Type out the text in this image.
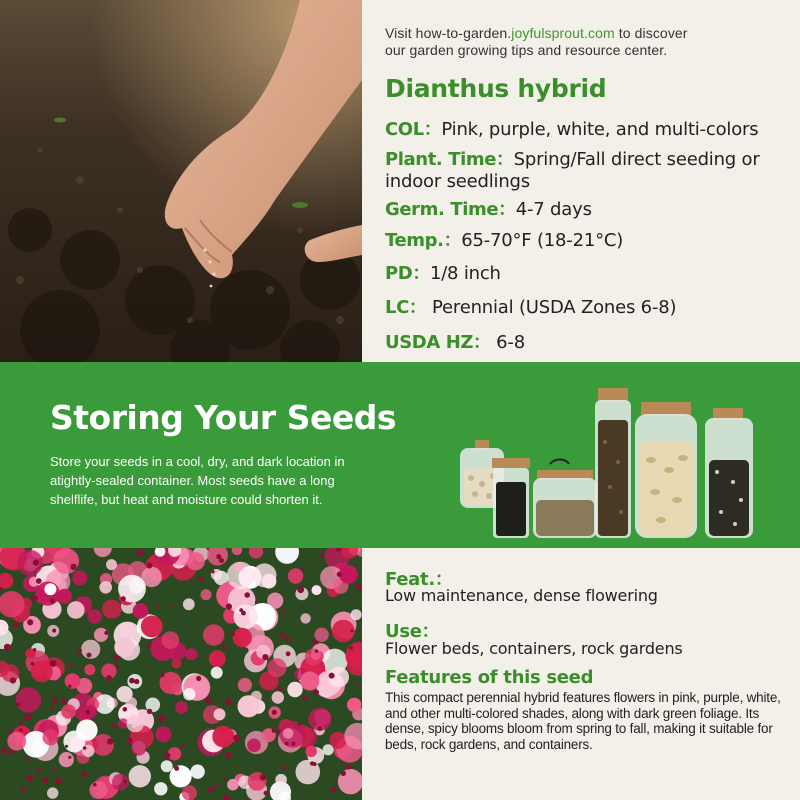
Visit how-to-garden.joyfulsprout.com to discover
our garden growing tips and resource center.
Dianthus hybrid
COL：Pink, purple, white, and multi-colors
Plant. Time：Spring/Fall direct seeding or indoor seedlings
Germ. Time：4-7 days
Temp.：65-70°F (18-21°C)
PD：1/8 inch
LC： Perennial (USDA Zones 6-8)
USDA HZ： 6-8
Storing Your Seeds
Store your seeds in a cool, dry, and dark location in atightly-sealed container. Most seeds have a long shelflife, but heat and moisture could shorten it.
Feat.：
Low maintenance, dense flowering
Use：
Flower beds, containers, rock gardens
Features of this seed
This compact perennial hybrid features flowers in pink, purple, white, and other multi-colored shades, along with dark green foliage. Its dense, spicy blooms bloom from spring to fall, making it suitable for beds, rock gardens, and containers.
